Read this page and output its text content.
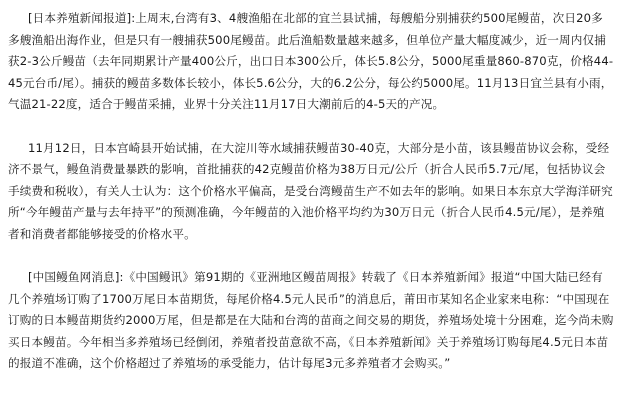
[日本养殖新闻报道]:上周末,台湾有3、4艘渔船在北部的宜兰县试捕，每艘船分别捕获约500尾鳗苗，次日20多多艘渔船出海作业，但是只有一艘捕获500尾鳗苗。此后渔船数量越来越多，但单位产量大幅度减少，近一周内仅捕获2-3公斤鳗苗（去年同期累计产量400公斤，出口日本300公斤，体长5.8公分，5000尾重量860-870克，价格44-45元台币/尾）。捕获的鳗苗多数体长较小，体长5.6公分，大的6.2公分，每公约5000尾。11月13日宜兰县有小雨，气温21-22度，适合于鳗苗采捕，业界十分关注11月17日大潮前后的4-5天的产况。

11月12日，日本宫崎县开始试捕，在大淀川等水域捕获鳗苗30-40克，大部分是小苗，该县鳗苗协议会称，受经济不景气，鳗鱼消费量暴跌的影响，首批捕获的42克鳗苗价格为38万日元/公斤（折合人民币5.7元/尾，包括协议会手续费和税收），有关人士认为：这个价格水平偏高，是受台湾鳗苗生产不如去年的影响。如果日本东京大学海洋研究所“今年鳗苗产量与去年持平”的预测准确，今年鳗苗的入池价格平均约为30万日元（折合人民币4.5元/尾），是养殖者和消费者都能够接受的价格水平。

[中国鳗鱼网消息]:《中国鳗讯》第91期的《亚洲地区鳗苗周报》转载了《日本养殖新闻》报道“中国大陆已经有几个养殖场订购了1700万尾日本苗期货，每尾价格4.5元人民币”的消息后，莆田市某知名企业家来电称：“中国现在订购的日本鳗苗期货约2000万尾，但是都是在大陆和台湾的苗商之间交易的期货，养殖场处境十分困难，迄今尚未购买日本鳗苗。今年相当多养殖场已经倒闭，养殖者投苗意欲不高，《日本养殖新闻》关于养殖场订购每尾4.5元日本苗的报道不准确，这个价格超过了养殖场的承受能力，估计每尾3元多养殖者才会购买。”
